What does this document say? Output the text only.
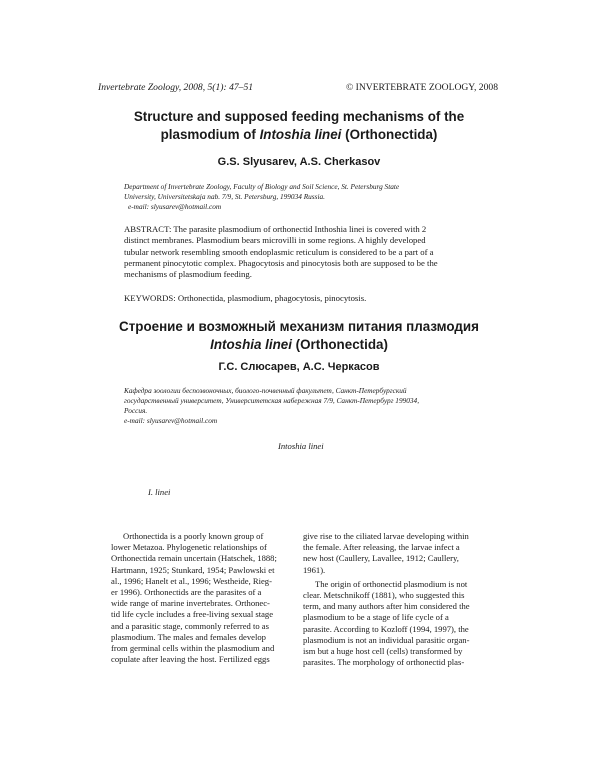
Invertebrate Zoology, 2008, 5(1): 47–51	© INVERTEBRATE ZOOLOGY, 2008
Structure and supposed feeding mechanisms of the
plasmodium of Intoshia linei (Orthonectida)
G.S. Slyusarev, A.S. Cherkasov
Department of Invertebrate Zoology, Faculty of Biology and Soil Science, St. Petersburg State
University, Universitetskaja nab. 7/9, St. Petersburg, 199034 Russia.
e-mail: slyusarev@hotmail.com
ABSTRACT: The parasite plasmodium of orthonectid Inthoshia linei is covered with 2
distinct membranes. Plasmodium bears microvilli in some regions. A highly developed
tubular network resembling smooth endoplasmic reticulum is considered to be a part of a
permanent pinocytotic complex. Phagocytosis and pinocytosis both are supposed to be the
mechanisms of plasmodium feeding.
KEYWORDS: Orthonectida, plasmodium, phagocytosis, pinocytosis.
Строение и возможный механизм питания плазмодия
Intoshia linei (Orthonectida)
Г.С. Слюсарев, А.С. Черкасов
Кафедра зоологии беспозвоночных, биолого-почвенный факультет, Санкт-Петербургский
государственный университет, Университетская набережная 7/9, Санкт-Петербург 199034,
Россия.
e-mail: slyusarev@hotmail.com
Intoshia linei
I. linei

Orthonectida is a poorly known group of
lower Metazoa. Phylogenetic relationships of
Orthonectida remain uncertain (Hatschek, 1888;
Hartmann, 1925; Stunkard, 1954; Pawlowski et
al., 1996; Hanelt et al., 1996; Westheide, Rieg-
er 1996). Orthonectids are the parasites of a
wide range of marine invertebrates. Orthonec-
tid life cycle includes a free-living sexual stage
and a parasitic stage, commonly referred to as
plasmodium. The males and females develop
from germinal cells within the plasmodium and
copulate after leaving the host. Fertilized eggs

give rise to the ciliated larvae developing within
the female. After releasing, the larvae infect a
new host (Caullery, Lavallee, 1912; Caullery,
1961).

The origin of orthonectid plasmodium is not
clear. Metschnikoff (1881), who suggested this
term, and many authors after him considered the
plasmodium to be a stage of life cycle of a
parasite. According to Kozloff (1994, 1997), the
plasmodium is not an individual parasitic organ-
ism but a huge host cell (cells) transformed by
parasites. The morphology of orthonectid plas-
